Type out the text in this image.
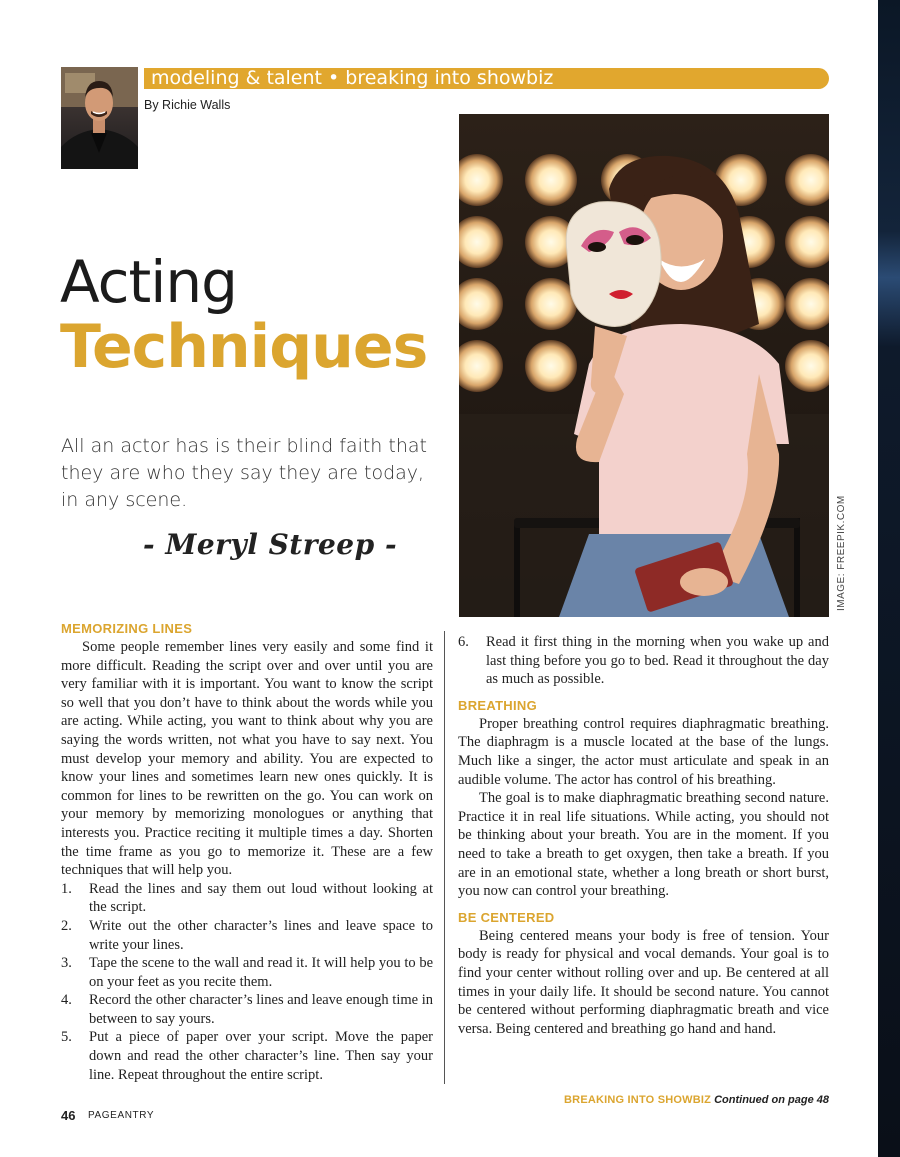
modeling & talent • breaking into showbiz
By Richie Walls
Acting
Techniques
All an actor has is their blind faith that they are who they say they are today, in any scene.
- Meryl Streep -	IMAGE: FREEPIK.COM
MEMORIZING LINES

Some people remember lines very easily and some find it more difficult. Reading the script over and over until you are very familiar with it is important. You want to know the script so well that you don’t have to think about the words while you are acting. While acting, you want to think about why you are saying the words written, not what you have to say next. You must develop your memory and ability. You are expected to know your lines and sometimes learn new ones quickly. It is common for lines to be rewritten on the go. You can work on your memory by memorizing monologues or anything that interests you. Practice reciting it multiple times a day. Shorten the time frame as you go to memorize it. These are a few techniques that will help you.

1.	Read the lines and say them out loud without looking at the script.
2.	Write out the other character’s lines and leave space to write your lines.
3.	Tape the scene to the wall and read it. It will help you to be on your feet as you recite them.
4.	Record the other character’s lines and leave enough time in between to say yours.
5.	Put a piece of paper over your script. Move the paper down and read the other character’s line. Then say your line. Repeat throughout the entire script.
6.	Read it first thing in the morning when you wake up and last thing before you go to bed. Read it throughout the day as much as possible.
BREATHING

Proper breathing control requires diaphragmatic breathing. The diaphragm is a muscle located at the base of the lungs. Much like a singer, the actor must articulate and speak in an audible volume. The actor has control of his breathing.

The goal is to make diaphragmatic breathing second nature. Practice it in real life situations. While acting, you should not be thinking about your breath. You are in the moment. If you need to take a breath to get oxygen, then take a breath. If you are in an emotional state, whether a long breath or short burst, you now can control your breathing.

BE CENTERED

Being centered means your body is free of tension. Your body is ready for physical and vocal demands. Your goal is to find your center without rolling over and up. Be centered at all times in your daily life. It should be second nature. You cannot be centered without performing diaphragmatic breath and vice versa. Being centered and breathing go hand and hand.

BREAKING INTO SHOWBIZ Continued on page 48
46 PAGEANTRY
